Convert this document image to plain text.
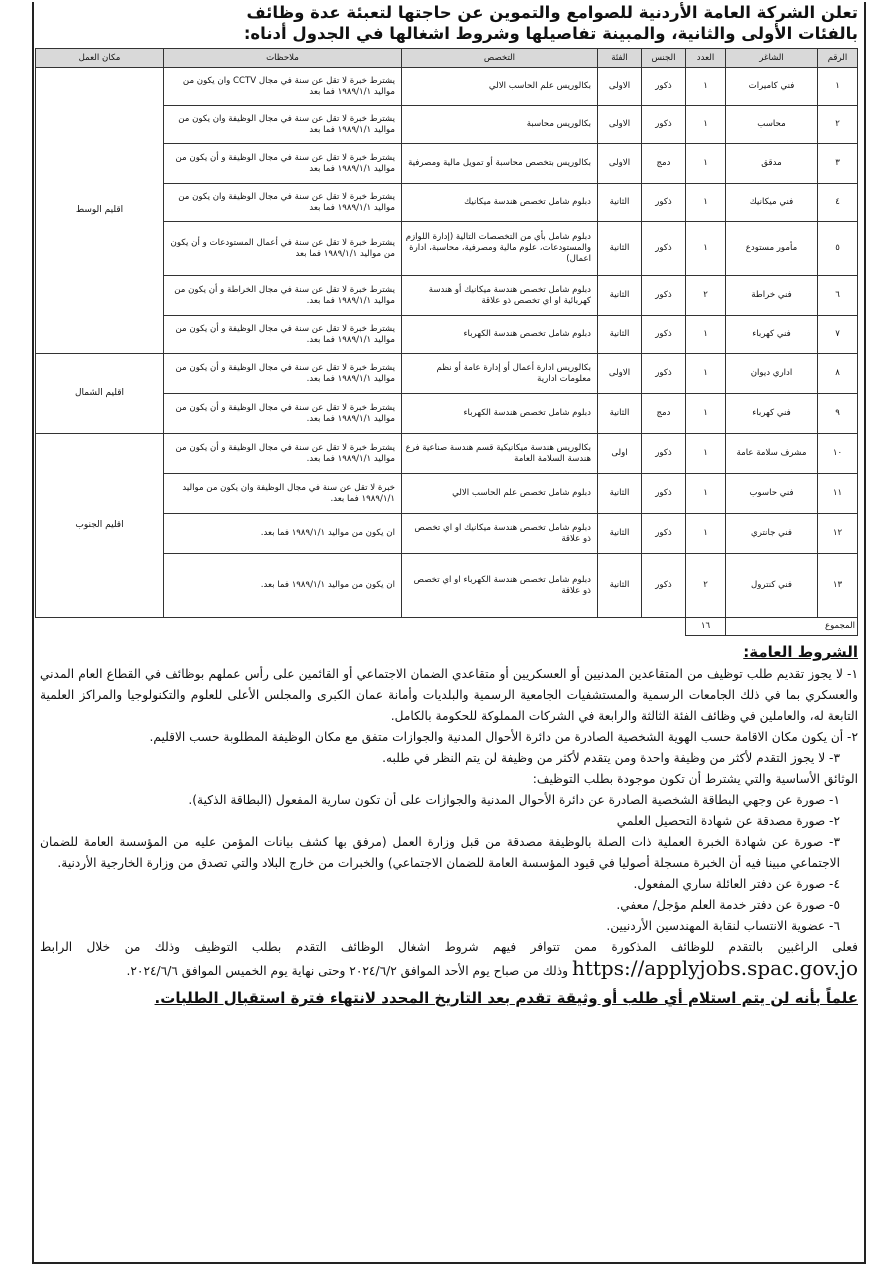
تعلن الشركة العامة الأردنية للصوامع والتموين عن حاجتها لتعبئة عدة وظائف
بالفئات الأولى والثانية، والمبينة تفاصيلها وشروط اشغالها في الجدول أدناه:
الرقم	الشاغر	العدد	الجنس	الفئة	التخصص	ملاحظات	مكان العمل
١	فني كاميرات	١	ذكور	الاولى	بكالوريس علم الحاسب الالي	يشترط خبرة لا تقل عن سنة في مجال CCTV وان يكون من مواليد ١٩٨٩/١/١ فما بعد	اقليم الوسط
٢	محاسب	١	ذكور	الاولى	بكالوريس محاسبة	يشترط خبرة لا تقل عن سنة في مجال الوظيفة وان يكون من مواليد ١٩٨٩/١/١ فما بعد	
٣	مدقق	١	دمج	الاولى	بكالوريس بتخصص محاسبة أو تمويل مالية ومصرفية	يشترط خبرة لا تقل عن سنة في مجال الوظيفة و أن يكون من مواليد ١٩٨٩/١/١ فما بعد	
٤	فني ميكانيك	١	ذكور	الثانية	دبلوم شامل تخصص هندسة ميكانيك	يشترط خبرة لا تقل عن سنة في مجال الوظيفة وان يكون من مواليد ١٩٨٩/١/١ فما بعد	
٥	مأمور مستودع	١	ذكور	الثانية	دبلوم شامل بأي من التخصصات التالية (إدارة اللوازم والمستودعات، علوم مالية ومصرفية، محاسبة، ادارة اعمال)	يشترط خبرة لا تقل عن سنة في أعمال المستودعات و أن يكون من مواليد ١٩٨٩/١/١ فما بعد	
٦	فني خراطة	٢	ذكور	الثانية	دبلوم شامل تخصص هندسة ميكانيك أو هندسة كهربائية او اي تخصص ذو علاقة	يشترط خبرة لا تقل عن سنة في مجال الخراطة و أن يكون من مواليد ١٩٨٩/١/١ فما بعد.	
٧	فني كهرباء	١	ذكور	الثانية	دبلوم شامل تخصص هندسة الكهرباء	يشترط خبرة لا تقل عن سنة في مجال الوظيفة و أن يكون من مواليد ١٩٨٩/١/١ فما بعد.	
٨	اداري ديوان	١	ذكور	الاولى	بكالوريس ادارة أعمال أو إدارة عامة أو نظم معلومات ادارية	يشترط خبرة لا تقل عن سنة في مجال الوظيفة و أن يكون من مواليد ١٩٨٩/١/١ فما بعد.	اقليم الشمال
٩	فني كهرباء	١	دمج	الثانية	دبلوم شامل تخصص هندسة الكهرباء	يشترط خبرة لا تقل عن سنة في مجال الوظيفة و أن يكون من مواليد ١٩٨٩/١/١ فما بعد.	
١٠	مشرف سلامة عامة	١	ذكور	اولى	بكالوريس هندسة ميكانيكية قسم هندسة صناعية فرع هندسة السلامة العامة	يشترط خبرة لا تقل عن سنة في مجال الوظيفة و أن يكون من مواليد ١٩٨٩/١/١ فما بعد.	اقليم الجنوب
١١	فني حاسوب	١	ذكور	الثانية	دبلوم شامل تخصص علم الحاسب الالي	خبرة لا تقل عن سنة في مجال الوظيفة وان يكون من مواليد ١٩٨٩/١/١ فما بعد.	
١٢	فني جانتري	١	ذكور	الثانية	دبلوم شامل تخصص هندسة ميكانيك او اي تخصص ذو علاقة	ان يكون من مواليد ١٩٨٩/١/١ فما بعد.	
١٣	فني كنترول	٢	ذكور	الثانية	دبلوم شامل تخصص هندسة الكهرباء او اي تخصص ذو علاقة	ان يكون من مواليد ١٩٨٩/١/١ فما بعد.	
المجموع		١٦					
الشروط العامة:

١- لا يجوز تقديم طلب توظيف من المتقاعدين المدنيين أو العسكريين أو متقاعدي الضمان الاجتماعي أو القائمين على رأس عملهم بوظائف في القطاع العام المدني والعسكري بما في ذلك الجامعات الرسمية والمستشفيات الجامعية الرسمية والبلديات وأمانة عمان الكبرى والمجلس الأعلى للعلوم والتكنولوجيا والمراكز العلمية التابعة له، والعاملين في وظائف الفئة الثالثة والرابعة في الشركات المملوكة للحكومة بالكامل.

٢- أن يكون مكان الاقامة حسب الهوية الشخصية الصادرة من دائرة الأحوال المدنية والجوازات متفق مع مكان الوظيفة المطلوبة حسب الاقليم.

٣- لا يجوز التقدم لأكثر من وظيفة واحدة ومن يتقدم لأكثر من وظيفة لن يتم النظر في طلبه.

الوثائق الأساسية والتي يشترط أن تكون موجودة بطلب التوظيف:

١- صورة عن وجهي البطاقة الشخصية الصادرة عن دائرة الأحوال المدنية والجوازات على أن تكون سارية المفعول (البطاقة الذكية).

٢- صورة مصدقة عن شهادة التحصيل العلمي

٣- صورة عن شهادة الخبرة العملية ذات الصلة بالوظيفة مصدقة من قبل وزارة العمل (مرفق بها كشف بيانات المؤمن عليه من المؤسسة العامة للضمان الاجتماعي مبينا فيه أن الخبرة مسجلة أصوليا في قيود المؤسسة العامة للضمان الاجتماعي) والخبرات من خارج البلاد والتي تصدق من وزارة الخارجية الأردنية.

٤- صورة عن دفتر العائلة ساري المفعول.

٥- صورة عن دفتر خدمة العلم مؤجل/ معفي.

٦- عضوية الانتساب لنقابة المهندسين الأردنيين.

فعلى الراغبين بالتقدم للوظائف المذكورة ممن تتوافر فيهم شروط اشغال الوظائف التقدم بطلب التوظيف وذلك من خلال الرابط https://applyjobs.spac.gov.jo وذلك من صباح يوم الأحد الموافق ٢٠٢٤/٦/٢ وحتى نهاية يوم الخميس الموافق ٢٠٢٤/٦/٦.

علماً بأنه لن يتم استلام أي طلب أو وثيقة تقدم بعد التاريخ المحدد لانتهاء فترة استقبال الطلبات.
